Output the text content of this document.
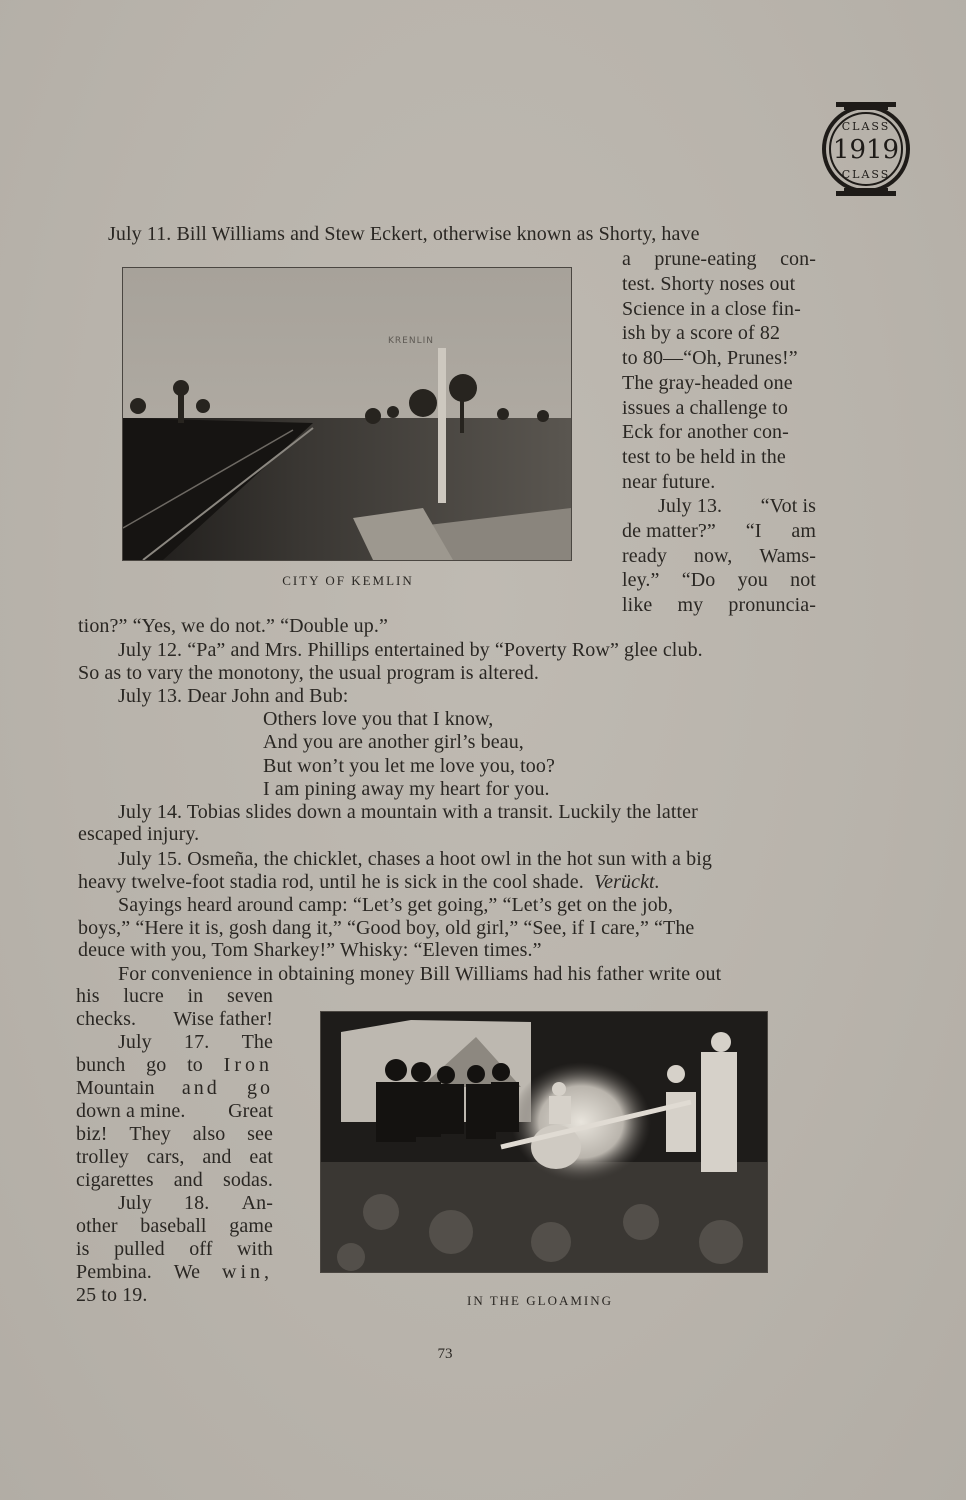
1919
CLASS
CLASS
July 11. Bill Williams and Stew Eckert, otherwise known as Shorty, have
KRENLIN
CITY OF KEMLIN
a prune-eating con-
test. Shorty noses out
Science in a close fin-
ish by a score of 82
to 80—“Oh, Prunes!”
The gray-headed one
issues a challenge to
Eck for another con-
test to be held in the
near future.
July 13. “Vot is
de matter?” “I am
ready now, Wams-
ley.” “Do you not
like my pronuncia-
tion?” “Yes, we do not.” “Double up.”
July 12. “Pa” and Mrs. Phillips entertained by “Poverty Row” glee club.
So as to vary the monotony, the usual program is altered.
July 13. Dear John and Bub:
Others love you that I know,
And you are another girl’s beau,
But won’t you let me love you, too?
I am pining away my heart for you.
July 14. Tobias slides down a mountain with a transit. Luckily the latter
escaped injury.
July 15. Osmeña, the chicklet, chases a hoot owl in the hot sun with a big
heavy twelve-foot stadia rod, until he is sick in the cool shade.  Verückt.
Sayings heard around camp: “Let’s get going,” “Let’s get on the job,
boys,” “Here it is, gosh dang it,” “Good boy, old girl,” “See, if I care,” “The
deuce with you, Tom Sharkey!” Whisky: “Eleven times.”
For convenience in obtaining money Bill Williams had his father write out
his lucre in seven
checks. Wise father!
July 17. The
bunch go to Iron
Mountain and go
down a mine. Great
biz! They also see
trolley cars, and eat
cigarettes and sodas.
July 18. An-
other baseball game
is pulled off with
Pembina. We win,
25 to 19.	IN THE GLOAMING
73
